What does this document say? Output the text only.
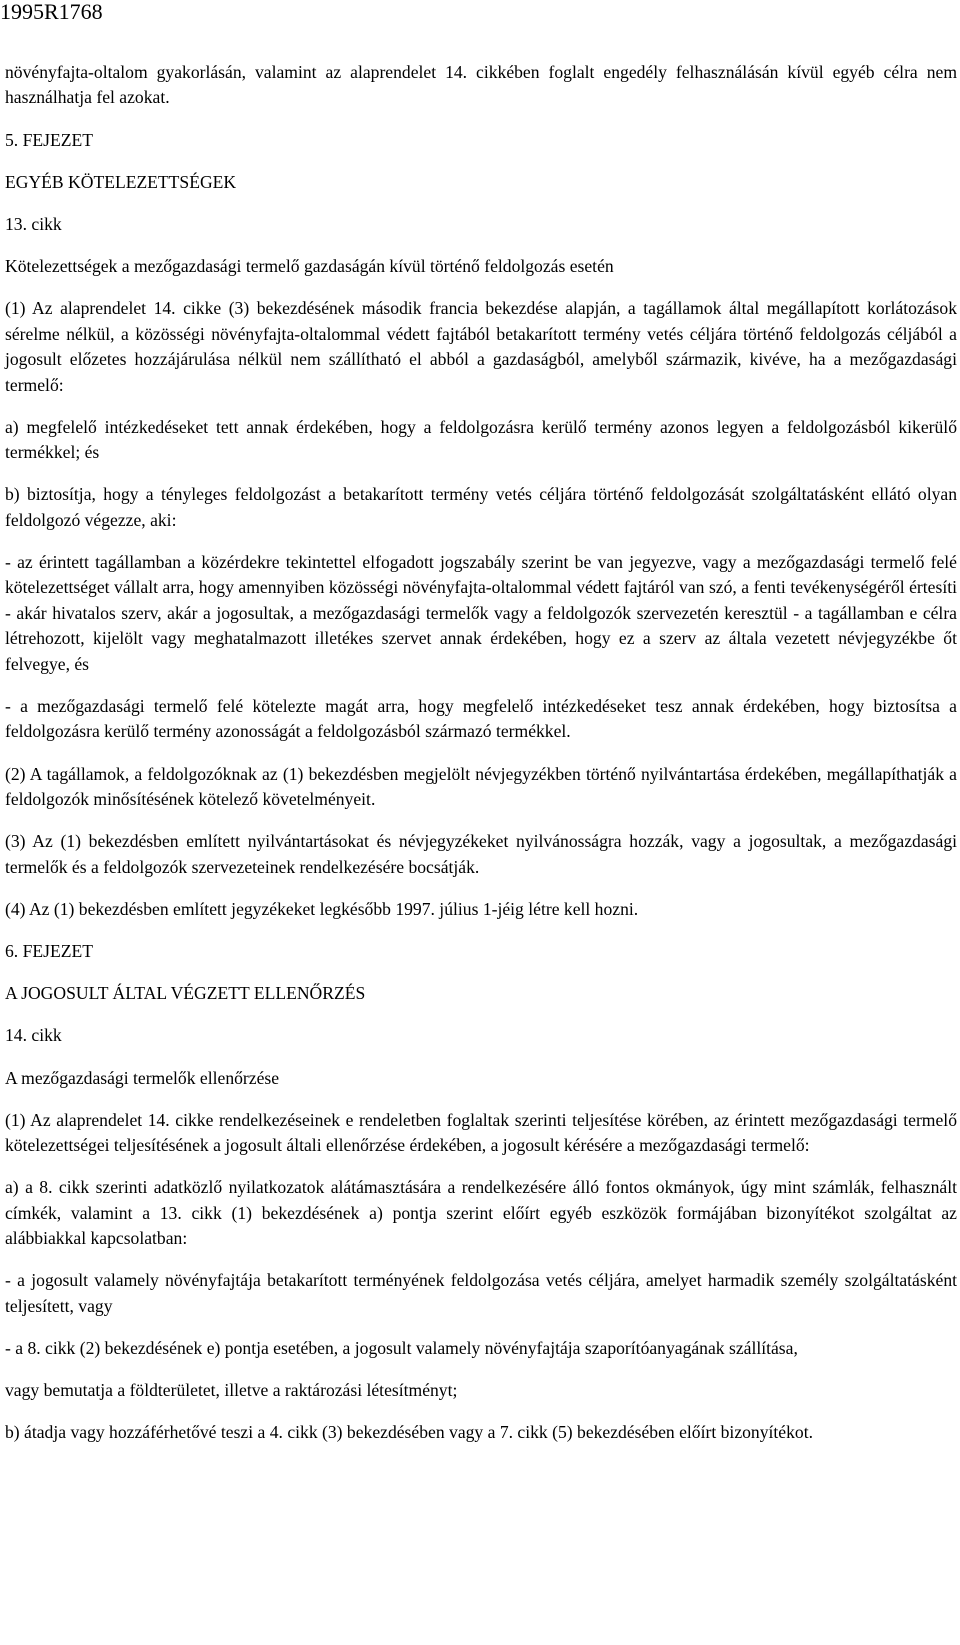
1995R1768

növényfajta-oltalom gyakorlásán, valamint az alaprendelet 14. cikkében foglalt engedély felhasználásán kívül egyéb célra nem használhatja fel azokat.

5. FEJEZET

EGYÉB KÖTELEZETTSÉGEK

13. cikk

Kötelezettségek a mezőgazdasági termelő gazdaságán kívül történő feldolgozás esetén

(1) Az alaprendelet 14. cikke (3) bekezdésének második francia bekezdése alapján, a tagállamok által megállapított korlátozások sérelme nélkül, a közösségi növényfajta-oltalommal védett fajtából betakarított termény vetés céljára történő feldolgozás céljából a jogosult előzetes hozzájárulása nélkül nem szállítható el abból a gazdaságból, amelyből származik, kivéve, ha a mezőgazdasági termelő:

a) megfelelő intézkedéseket tett annak érdekében, hogy a feldolgozásra kerülő termény azonos legyen a feldolgozásból kikerülő termékkel; és

b) biztosítja, hogy a tényleges feldolgozást a betakarított termény vetés céljára történő feldolgozását szolgáltatásként ellátó olyan feldolgozó végezze, aki:

- az érintett tagállamban a közérdekre tekintettel elfogadott jogszabály szerint be van jegyezve, vagy a mezőgazdasági termelő felé kötelezettséget vállalt arra, hogy amennyiben közösségi növényfajta-oltalommal védett fajtáról van szó, a fenti tevékenységéről értesíti - akár hivatalos szerv, akár a jogosultak, a mezőgazdasági termelők vagy a feldolgozók szervezetén keresztül - a tagállamban e célra létrehozott, kijelölt vagy meghatalmazott illetékes szervet annak érdekében, hogy ez a szerv az általa vezetett névjegyzékbe őt felvegye, és

- a mezőgazdasági termelő felé kötelezte magát arra, hogy megfelelő intézkedéseket tesz annak érdekében, hogy biztosítsa a feldolgozásra kerülő termény azonosságát a feldolgozásból származó termékkel.

(2) A tagállamok, a feldolgozóknak az (1) bekezdésben megjelölt névjegyzékben történő nyilvántartása érdekében, megállapíthatják a feldolgozók minősítésének kötelező követelményeit.

(3) Az (1) bekezdésben említett nyilvántartásokat és névjegyzékeket nyilvánosságra hozzák, vagy a jogosultak, a mezőgazdasági termelők és a feldolgozók szervezeteinek rendelkezésére bocsátják.

(4) Az (1) bekezdésben említett jegyzékeket legkésőbb 1997. július 1-jéig létre kell hozni.

6. FEJEZET

A JOGOSULT ÁLTAL VÉGZETT ELLENŐRZÉS

14. cikk

A mezőgazdasági termelők ellenőrzése

(1) Az alaprendelet 14. cikke rendelkezéseinek e rendeletben foglaltak szerinti teljesítése körében, az érintett mezőgazdasági termelő kötelezettségei teljesítésének a jogosult általi ellenőrzése érdekében, a jogosult kérésére a mezőgazdasági termelő:

a) a 8. cikk szerinti adatközlő nyilatkozatok alátámasztására a rendelkezésére álló fontos okmányok, úgy mint számlák, felhasznált címkék, valamint a 13. cikk (1) bekezdésének a) pontja szerint előírt egyéb eszközök formájában bizonyítékot szolgáltat az alábbiakkal kapcsolatban:

- a jogosult valamely növényfajtája betakarított terményének feldolgozása vetés céljára, amelyet harmadik személy szolgáltatásként teljesített, vagy

- a 8. cikk (2) bekezdésének e) pontja esetében, a jogosult valamely növényfajtája szaporítóanyagának szállítása,

vagy bemutatja a földterületet, illetve a raktározási létesítményt;

b) átadja vagy hozzáférhetővé teszi a 4. cikk (3) bekezdésében vagy a 7. cikk (5) bekezdésében előírt bizonyítékot.
